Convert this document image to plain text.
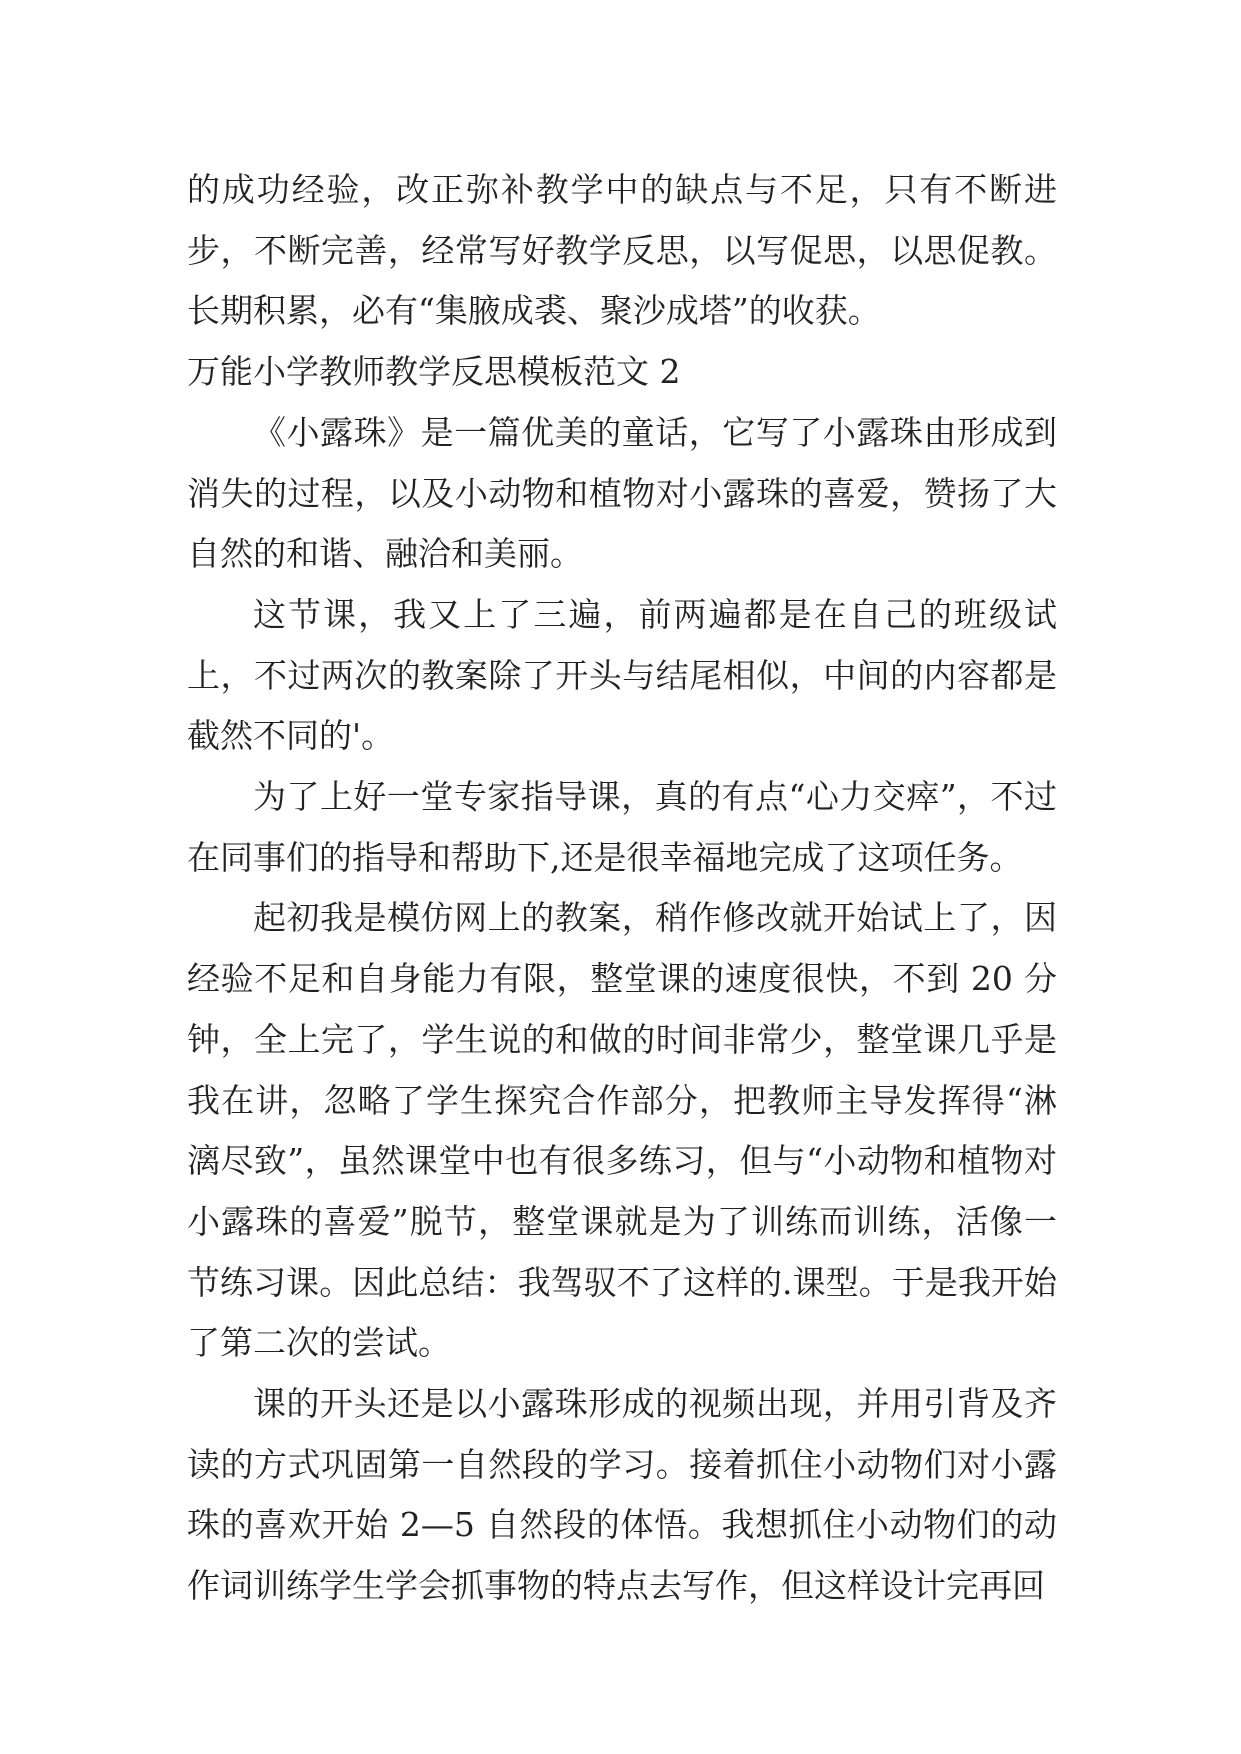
的成功经验，改正弥补教学中的缺点与不足，只有不断进步，不断完善，经常写好教学反思，以写促思，以思促教。长期积累，必有“集腋成裘、聚沙成塔”的收获。

万能小学教师教学反思模板范文 2

《小露珠》是一篇优美的童话，它写了小露珠由形成到消失的过程，以及小动物和植物对小露珠的喜爱，赞扬了大自然的和谐、融洽和美丽。

这节课，我又上了三遍，前两遍都是在自己的班级试上，不过两次的教案除了开头与结尾相似，中间的内容都是截然不同的'。

为了上好一堂专家指导课，真的有点“心力交瘁”，不过在同事们的指导和帮助下,还是很幸福地完成了这项任务。

起初我是模仿网上的教案，稍作修改就开始试上了，因经验不足和自身能力有限，整堂课的速度很快，不到 20 分钟，全上完了，学生说的和做的时间非常少，整堂课几乎是我在讲，忽略了学生探究合作部分，把教师主导发挥得“淋漓尽致”，虽然课堂中也有很多练习，但与“小动物和植物对小露珠的喜爱”脱节，整堂课就是为了训练而训练，活像一节练习课。因此总结：我驾驭不了这样的.课型。于是我开始了第二次的尝试。

课的开头还是以小露珠形成的视频出现，并用引背及齐读的方式巩固第一自然段的学习。接着抓住小动物们对小露珠的喜欢开始 2—5 自然段的体悟。我想抓住小动物们的动作词训练学生学会抓事物的特点去写作，但这样设计完再回
